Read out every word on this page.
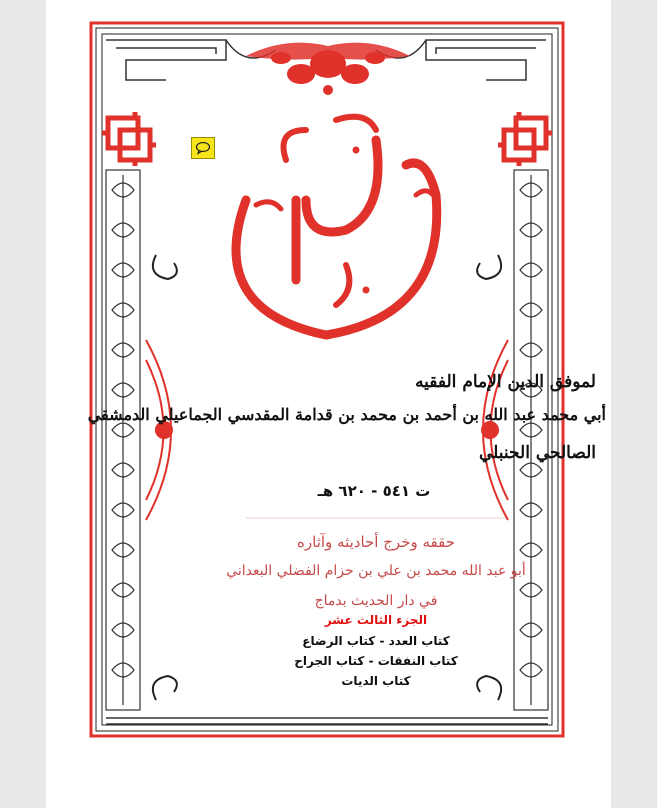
لموفق الدين الإمام الفقيه
أبي محمد عبد الله بن أحمد بن محمد بن قدامة المقدسي الجماعيلي الدمشقي
الصالحي الحنبلي
ت ٥٤١ - ٦٢٠ هـ
حققه وخرج أحاديثه وآثاره
أبو عبد الله محمد بن علي بن حزام الفضلي البعداني
في دار الحديث بدماج
الجزء الثالث عشر
كتاب العدد - كتاب الرضاع
كتاب النفقات - كتاب الجراح
كتاب الديات
